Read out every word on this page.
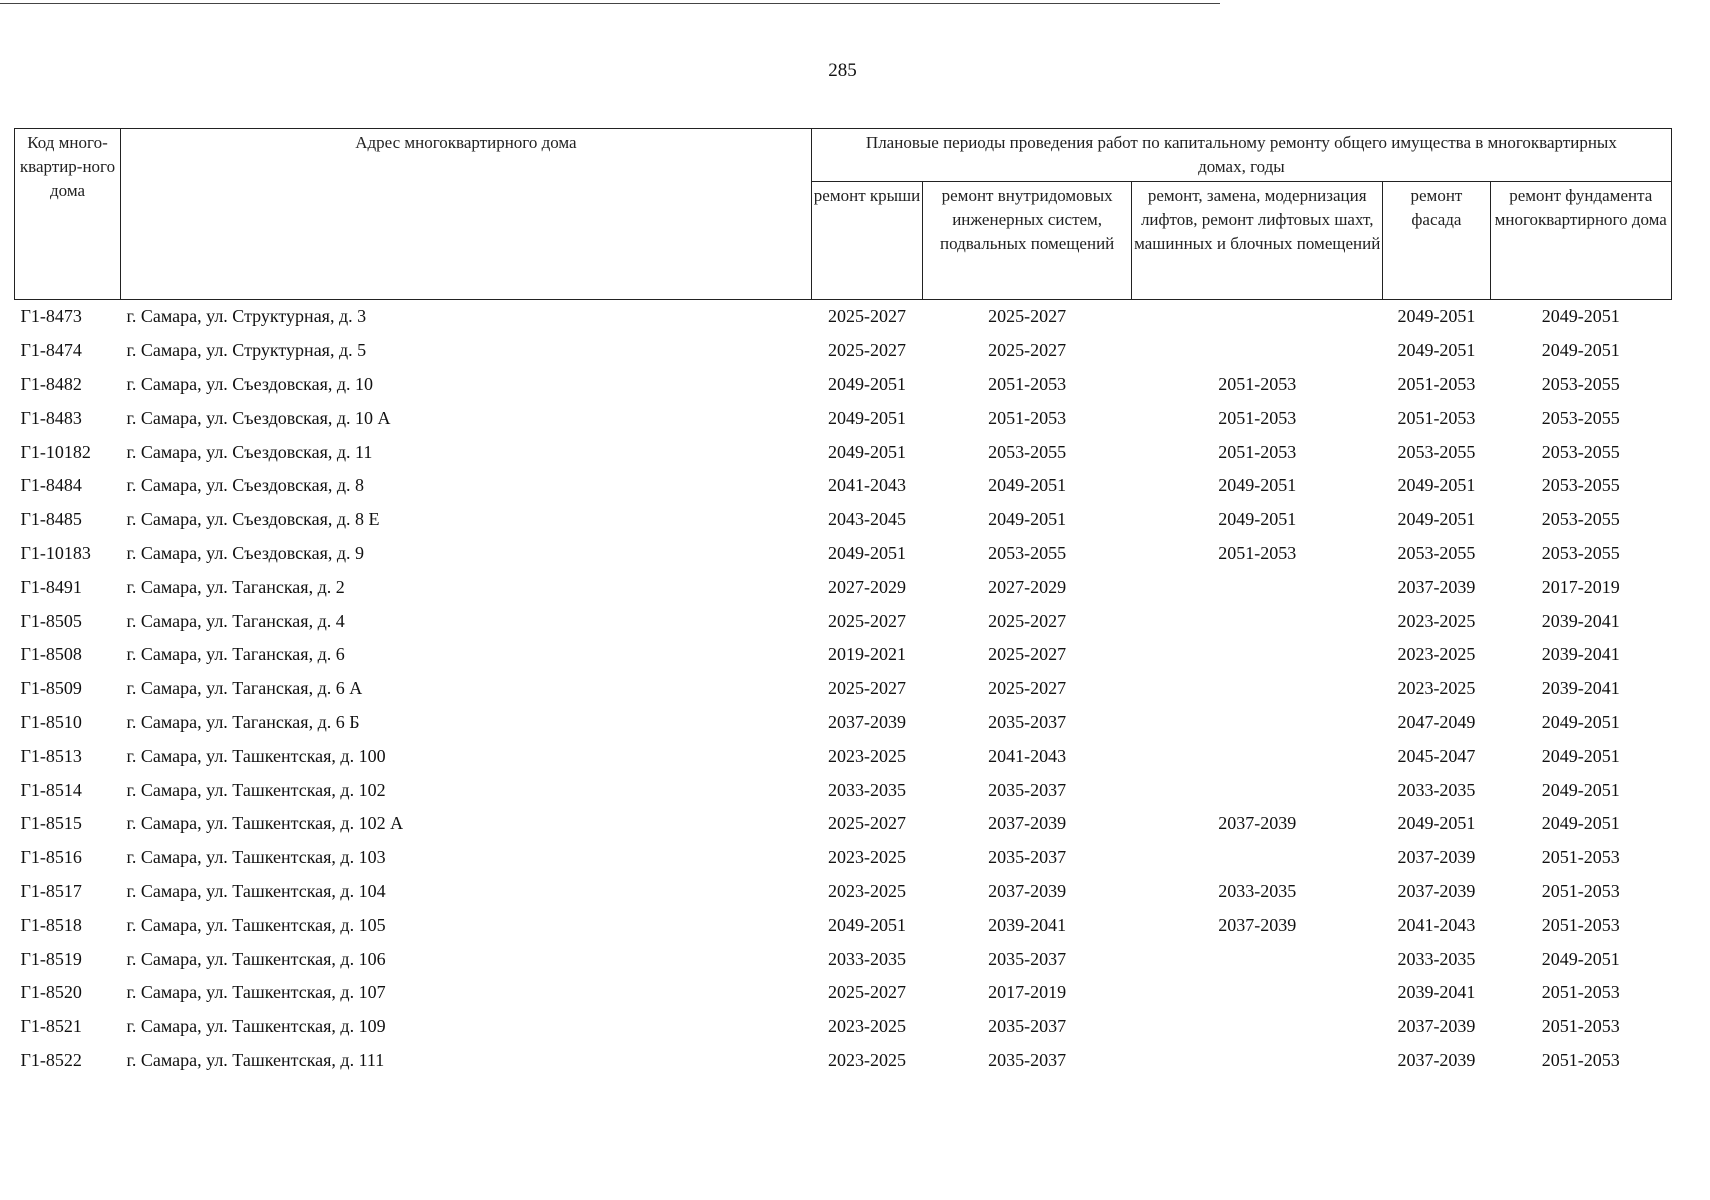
285
Код много-квартир-ного дома	Адрес многоквартирного дома	Плановые периоды проведения работ по капитальному ремонту общего имущества в многоквартирных домах, годы				
		ремонт крыши	ремонт внутридомовых инженерных систем, подвальных помещений	ремонт, замена, модернизация лифтов, ремонт лифтовых шахт, машинных и блочных помещений	ремонт фасада	ремонт фундамента многоквартирного дома
Г1-8473	г. Самара, ул. Структурная, д. 3	2025-2027	2025-2027		2049-2051	2049-2051
Г1-8474	г. Самара, ул. Структурная, д. 5	2025-2027	2025-2027		2049-2051	2049-2051
Г1-8482	г. Самара, ул. Съездовская, д. 10	2049-2051	2051-2053	2051-2053	2051-2053	2053-2055
Г1-8483	г. Самара, ул. Съездовская, д. 10 А	2049-2051	2051-2053	2051-2053	2051-2053	2053-2055
Г1-10182	г. Самара, ул. Съездовская, д. 11	2049-2051	2053-2055	2051-2053	2053-2055	2053-2055
Г1-8484	г. Самара, ул. Съездовская, д. 8	2041-2043	2049-2051	2049-2051	2049-2051	2053-2055
Г1-8485	г. Самара, ул. Съездовская, д. 8 Е	2043-2045	2049-2051	2049-2051	2049-2051	2053-2055
Г1-10183	г. Самара, ул. Съездовская, д. 9	2049-2051	2053-2055	2051-2053	2053-2055	2053-2055
Г1-8491	г. Самара, ул. Таганская, д. 2	2027-2029	2027-2029		2037-2039	2017-2019
Г1-8505	г. Самара, ул. Таганская, д. 4	2025-2027	2025-2027		2023-2025	2039-2041
Г1-8508	г. Самара, ул. Таганская, д. 6	2019-2021	2025-2027		2023-2025	2039-2041
Г1-8509	г. Самара, ул. Таганская, д. 6 А	2025-2027	2025-2027		2023-2025	2039-2041
Г1-8510	г. Самара, ул. Таганская, д. 6 Б	2037-2039	2035-2037		2047-2049	2049-2051
Г1-8513	г. Самара, ул. Ташкентская, д. 100	2023-2025	2041-2043		2045-2047	2049-2051
Г1-8514	г. Самара, ул. Ташкентская, д. 102	2033-2035	2035-2037		2033-2035	2049-2051
Г1-8515	г. Самара, ул. Ташкентская, д. 102 А	2025-2027	2037-2039	2037-2039	2049-2051	2049-2051
Г1-8516	г. Самара, ул. Ташкентская, д. 103	2023-2025	2035-2037		2037-2039	2051-2053
Г1-8517	г. Самара, ул. Ташкентская, д. 104	2023-2025	2037-2039	2033-2035	2037-2039	2051-2053
Г1-8518	г. Самара, ул. Ташкентская, д. 105	2049-2051	2039-2041	2037-2039	2041-2043	2051-2053
Г1-8519	г. Самара, ул. Ташкентская, д. 106	2033-2035	2035-2037		2033-2035	2049-2051
Г1-8520	г. Самара, ул. Ташкентская, д. 107	2025-2027	2017-2019		2039-2041	2051-2053
Г1-8521	г. Самара, ул. Ташкентская, д. 109	2023-2025	2035-2037		2037-2039	2051-2053
Г1-8522	г. Самара, ул. Ташкентская, д. 111	2023-2025	2035-2037		2037-2039	2051-2053
